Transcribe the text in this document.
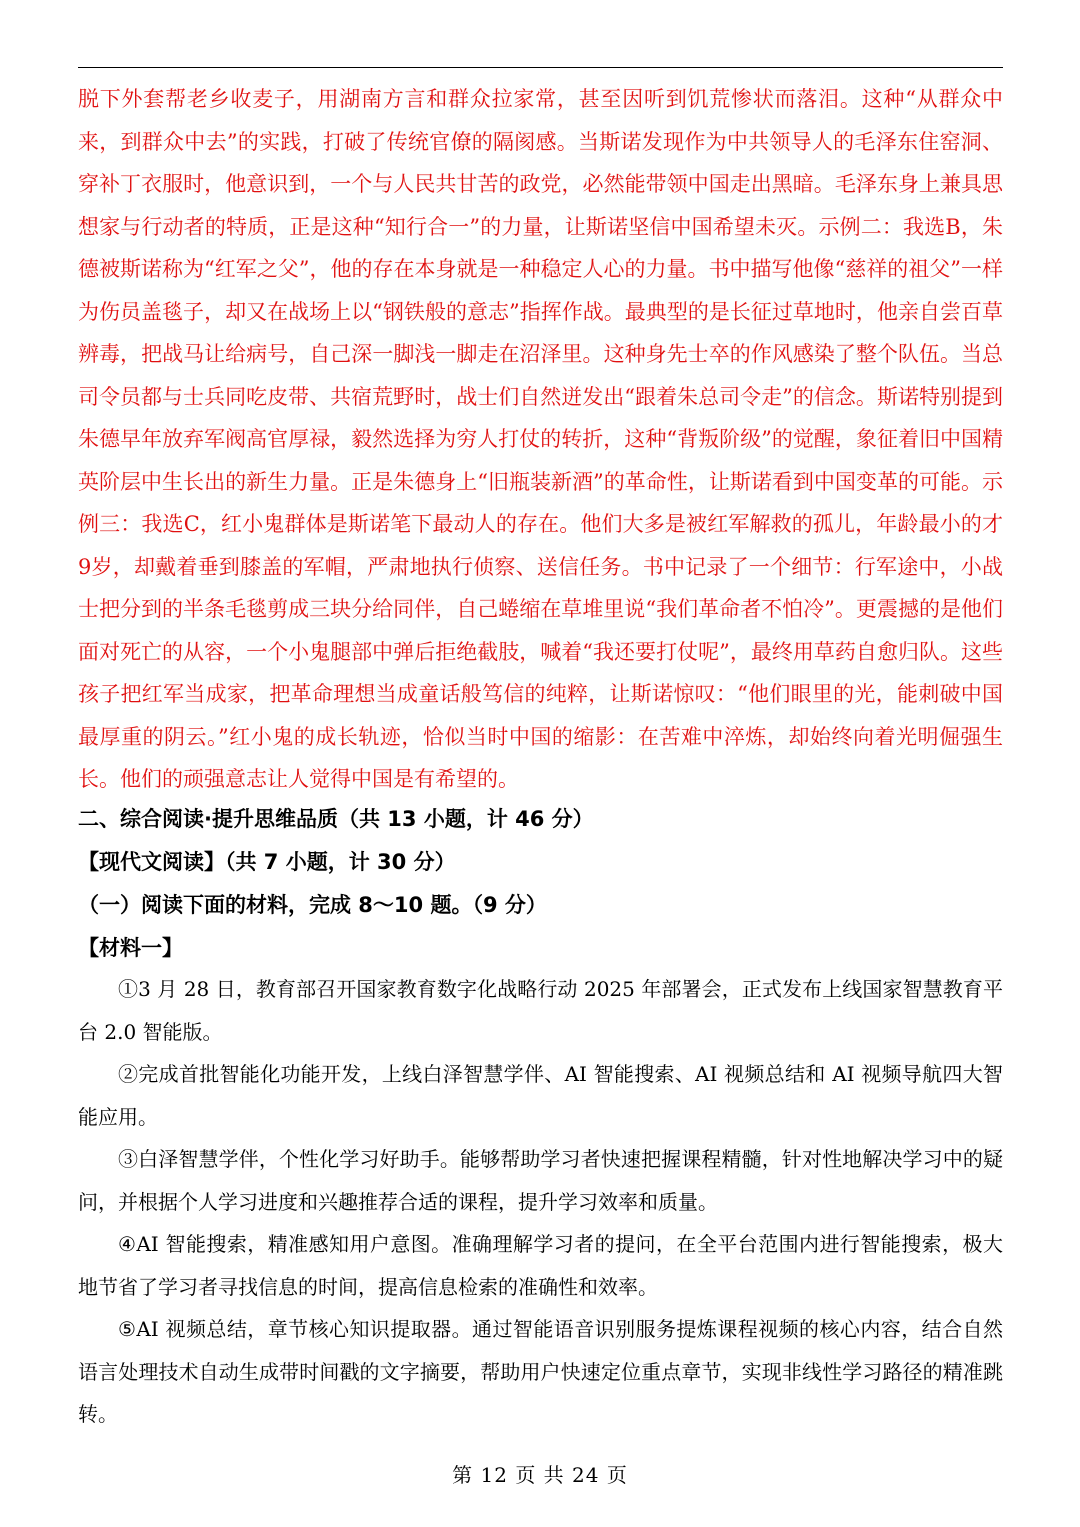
脱下外套帮老乡收麦子，用湖南方言和群众拉家常，甚至因听到饥荒惨状而落泪。这种“从群众中来，到群众中去”的实践，打破了传统官僚的隔阂感。当斯诺发现作为中共领导人的毛泽东住窑洞、穿补丁衣服时，他意识到，一个与人民共甘苦的政党，必然能带领中国走出黑暗。毛泽东身上兼具思想家与行动者的特质，正是这种“知行合一”的力量，让斯诺坚信中国希望未灭。示例二：我选B，朱德被斯诺称为“红军之父”，他的存在本身就是一种稳定人心的力量。书中描写他像“慈祥的祖父”一样为伤员盖毯子，却又在战场上以“钢铁般的意志”指挥作战。最典型的是长征过草地时，他亲自尝百草辨毒，把战马让给病号，自己深一脚浅一脚走在沼泽里。这种身先士卒的作风感染了整个队伍。当总司令员都与士兵同吃皮带、共宿荒野时，战士们自然迸发出“跟着朱总司令走”的信念。斯诺特别提到朱德早年放弃军阀高官厚禄，毅然选择为穷人打仗的转折，这种“背叛阶级”的觉醒，象征着旧中国精英阶层中生长出的新生力量。正是朱德身上“旧瓶装新酒”的革命性，让斯诺看到中国变革的可能。示例三：我选C，红小鬼群体是斯诺笔下最动人的存在。他们大多是被红军解救的孤儿，年龄最小的才9岁，却戴着垂到膝盖的军帽，严肃地执行侦察、送信任务。书中记录了一个细节：行军途中，小战士把分到的半条毛毯剪成三块分给同伴，自己蜷缩在草堆里说“我们革命者不怕冷”。更震撼的是他们面对死亡的从容，一个小鬼腿部中弹后拒绝截肢，喊着“我还要打仗呢”，最终用草药自愈归队。这些孩子把红军当成家，把革命理想当成童话般笃信的纯粹，让斯诺惊叹：“他们眼里的光，能刺破中国最厚重的阴云。”红小鬼的成长轨迹，恰似当时中国的缩影：在苦难中淬炼，却始终向着光明倔强生长。他们的顽强意志让人觉得中国是有希望的。
二、综合阅读·提升思维品质（共 13 小题，计 46 分）
【现代文阅读】（共 7 小题，计 30 分）
（一）阅读下面的材料，完成 8～10 题。（9 分）
【材料一】

①3 月 28 日，教育部召开国家教育数字化战略行动 2025 年部署会，正式发布上线国家智慧教育平台 2.0 智能版。

②完成首批智能化功能开发，上线白泽智慧学伴、AI 智能搜索、AI 视频总结和 AI 视频导航四大智能应用。

③白泽智慧学伴，个性化学习好助手。能够帮助学习者快速把握课程精髓，针对性地解决学习中的疑问，并根据个人学习进度和兴趣推荐合适的课程，提升学习效率和质量。

④AI 智能搜索，精准感知用户意图。准确理解学习者的提问，在全平台范围内进行智能搜索，极大地节省了学习者寻找信息的时间，提高信息检索的准确性和效率。

⑤AI 视频总结，章节核心知识提取器。通过智能语音识别服务提炼课程视频的核心内容，结合自然语言处理技术自动生成带时间戳的文字摘要，帮助用户快速定位重点章节，实现非线性学习路径的精准跳转。

第 12 页 共 24 页
